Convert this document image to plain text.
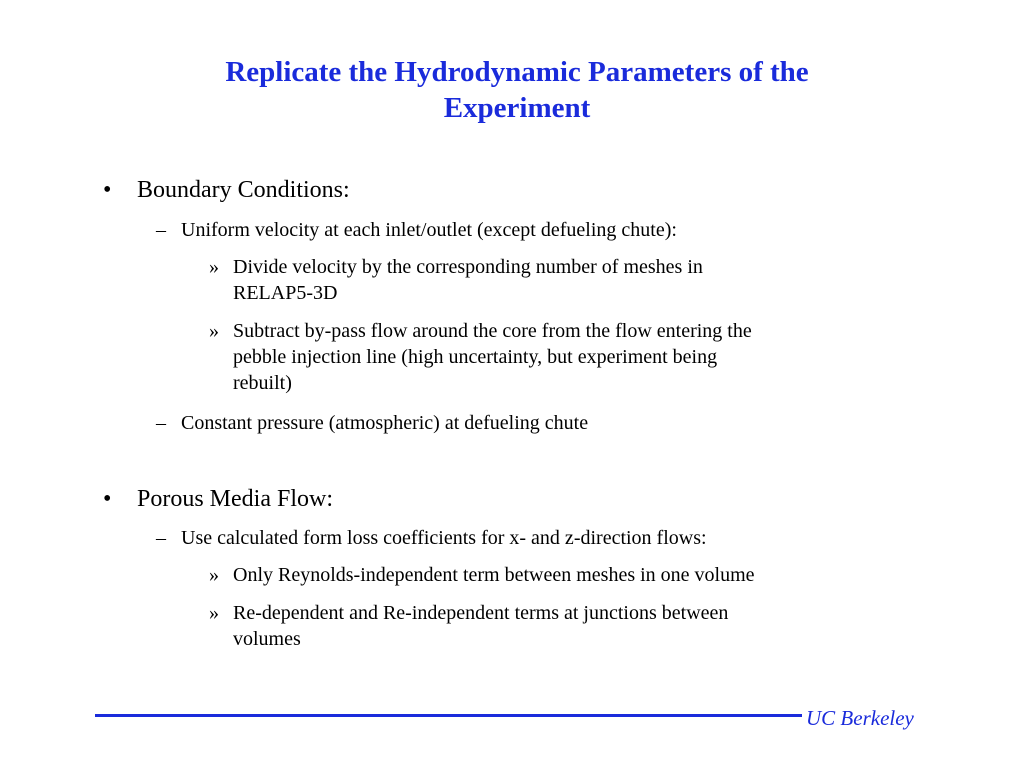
Replicate the Hydrodynamic Parameters of the
Experiment
• Boundary Conditions:
– Uniform velocity at each inlet/outlet (except defueling chute):
» Divide velocity by the corresponding number of meshes in
RELAP5-3D
» Subtract by-pass flow around the core from the flow entering the
pebble injection line (high uncertainty, but experiment being
rebuilt)
– Constant pressure (atmospheric) at defueling chute
• Porous Media Flow:
– Use calculated form loss coefficients for x- and z-direction flows:
» Only Reynolds-independent term between meshes in one volume
» Re-dependent and Re-independent terms at junctions between
volumes
UC Berkeley
